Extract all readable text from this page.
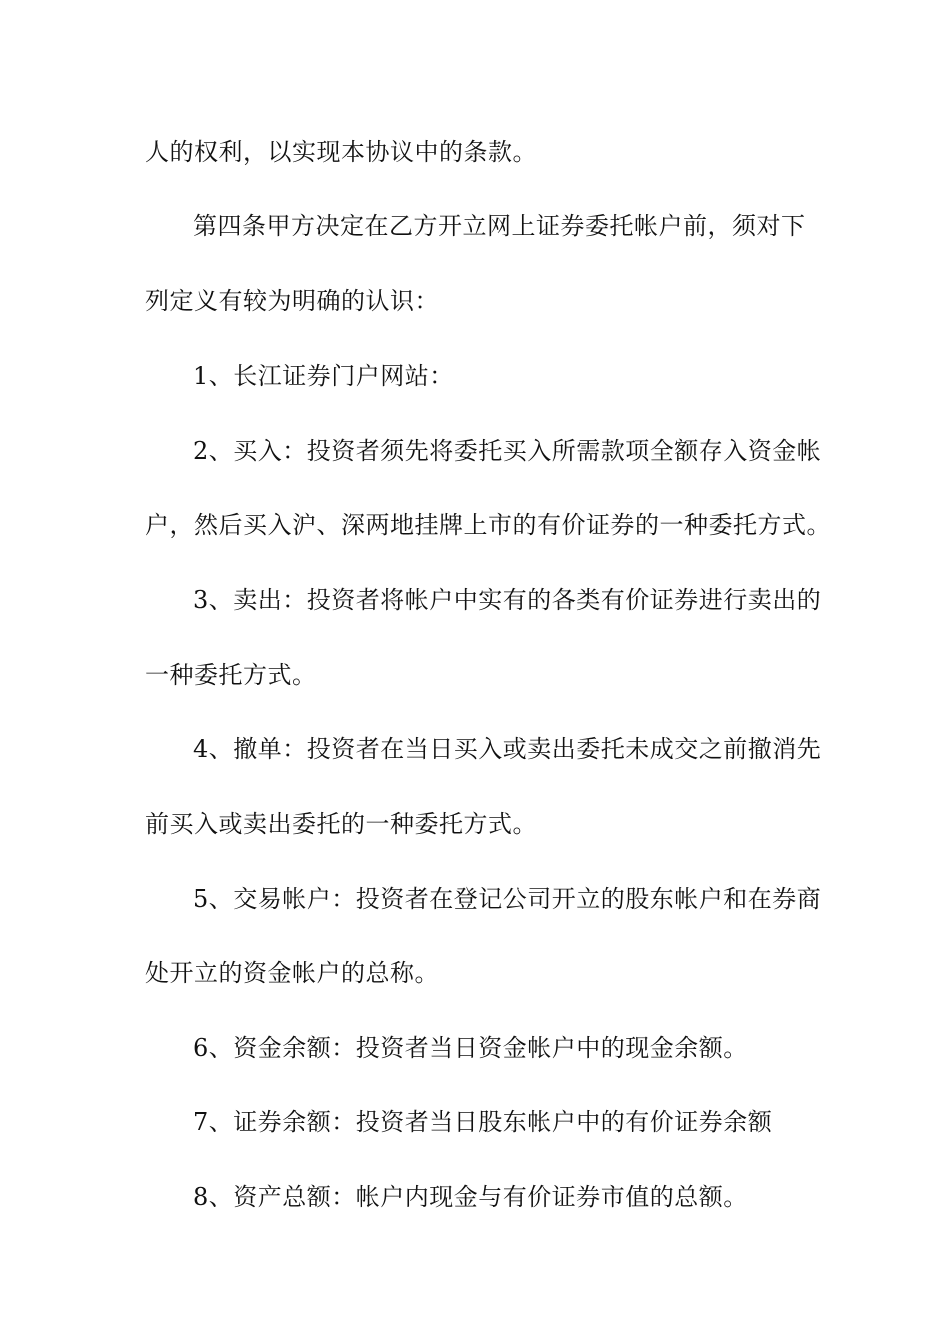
人的权利，以实现本协议中的条款。
第四条甲方决定在乙方开立网上证券委托帐户前，须对下
列定义有较为明确的认识：
1、长江证券门户网站：
2、买入：投资者须先将委托买入所需款项全额存入资金帐
户，然后买入沪、深两地挂牌上市的有价证券的一种委托方式。
3、卖出：投资者将帐户中实有的各类有价证券进行卖出的
一种委托方式。
4、撤单：投资者在当日买入或卖出委托未成交之前撤消先
前买入或卖出委托的一种委托方式。
5、交易帐户：投资者在登记公司开立的股东帐户和在券商
处开立的资金帐户的总称。
6、资金余额：投资者当日资金帐户中的现金余额。
7、证券余额：投资者当日股东帐户中的有价证券余额
8、资产总额：帐户内现金与有价证券市值的总额。
